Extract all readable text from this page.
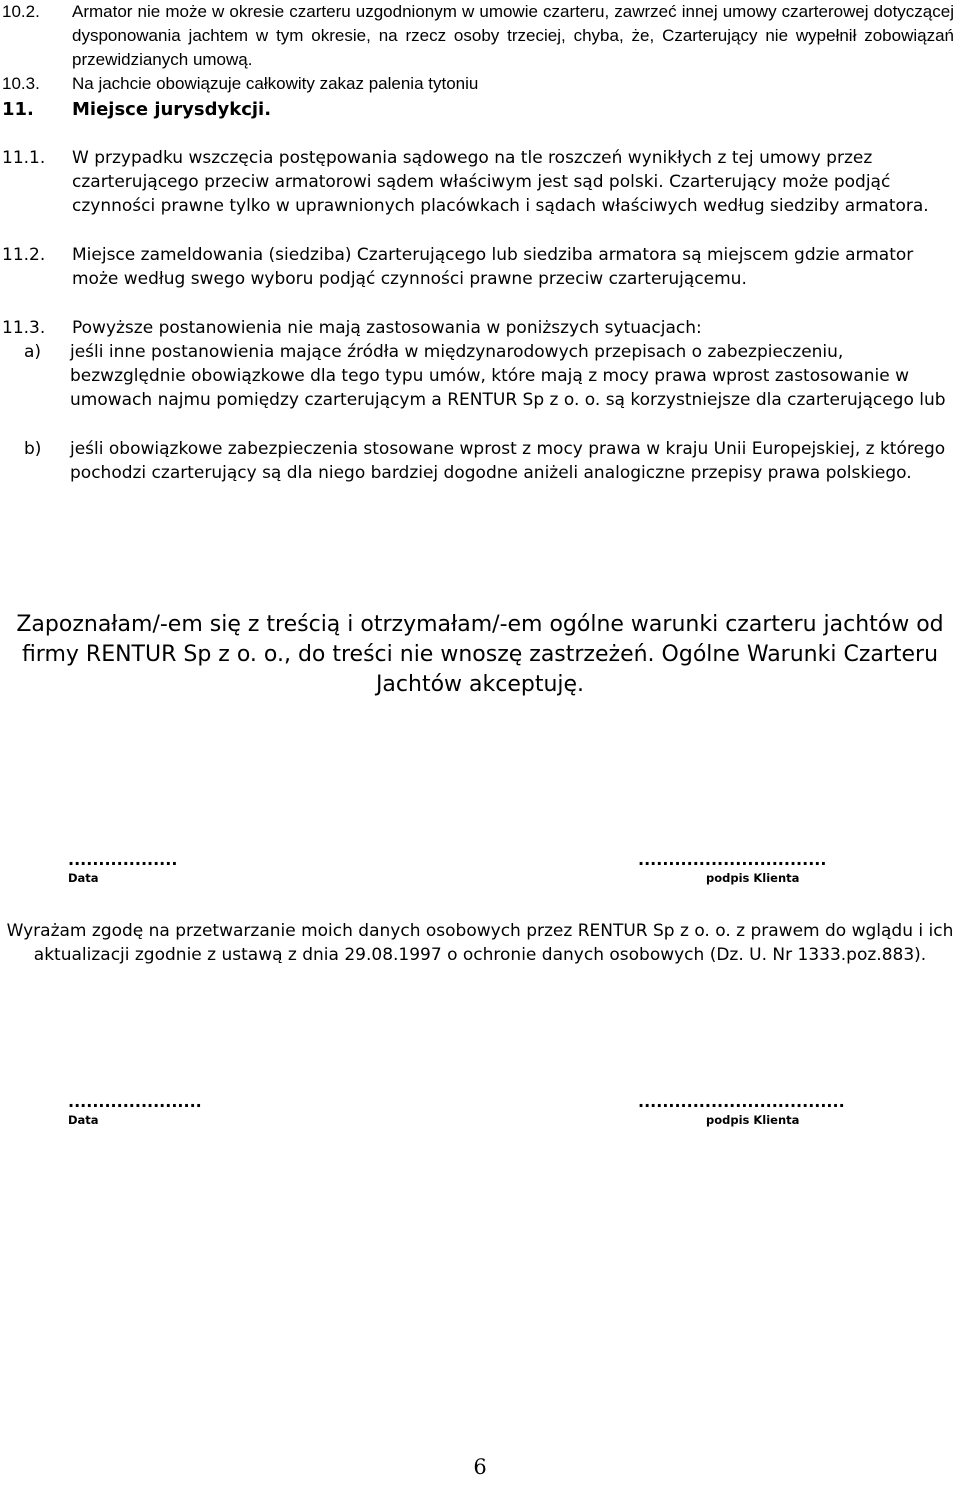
10.2.	Armator nie może w okresie czarteru uzgodnionym w umowie czarteru, zawrzeć innej umowy czarterowej dotyczącej dysponowania jachtem w tym okresie, na rzecz osoby trzeciej, chyba, że, Czarterujący nie wypełnił zobowiązań przewidzianych umową.
10.3.	Na jachcie obowiązuje całkowity zakaz palenia tytoniu
11.	Miejsce jurysdykcji.
11.1.	W przypadku wszczęcia postępowania sądowego na tle roszczeń wynikłych z tej umowy przez czarterującego przeciw armatorowi sądem właściwym jest sąd polski. Czarterujący może podjąć czynności prawne tylko w uprawnionych placówkach i sądach właściwych według siedziby armatora.
11.2.	Miejsce zameldowania (siedziba) Czarterującego lub siedziba armatora są miejscem gdzie armator może według swego wyboru podjąć czynności prawne przeciw czarterującemu.
11.3.	Powyższe postanowienia nie mają zastosowania w poniższych sytuacjach:
a)	jeśli inne postanowienia mające źródła w międzynarodowych przepisach o zabezpieczeniu, bezwzględnie obowiązkowe dla tego typu umów, które mają z mocy prawa wprost zastosowanie w umowach najmu pomiędzy czarterującym a RENTUR Sp z o. o. są korzystniejsze dla czarterującego lub
b)	jeśli obowiązkowe zabezpieczenia stosowane wprost z mocy prawa w kraju Unii Europejskiej, z którego pochodzi czarterujący są dla niego bardziej dogodne aniżeli analogiczne przepisy prawa polskiego.
Zapoznałam/-em się z treścią i otrzymałam/-em ogólne warunki czarteru jachtów od firmy RENTUR Sp z o. o., do treści nie wnoszę zastrzeżeń. Ogólne Warunki Czarteru Jachtów akceptuję.
..................
Data
...............................
podpis Klienta
Wyrażam zgodę na przetwarzanie moich danych osobowych przez RENTUR Sp z o. o. z prawem do wglądu i ich aktualizacji zgodnie z ustawą z dnia 29.08.1997 o ochronie danych osobowych (Dz. U. Nr 1333.poz.883).
......................
Data
..................................
podpis Klienta
6
